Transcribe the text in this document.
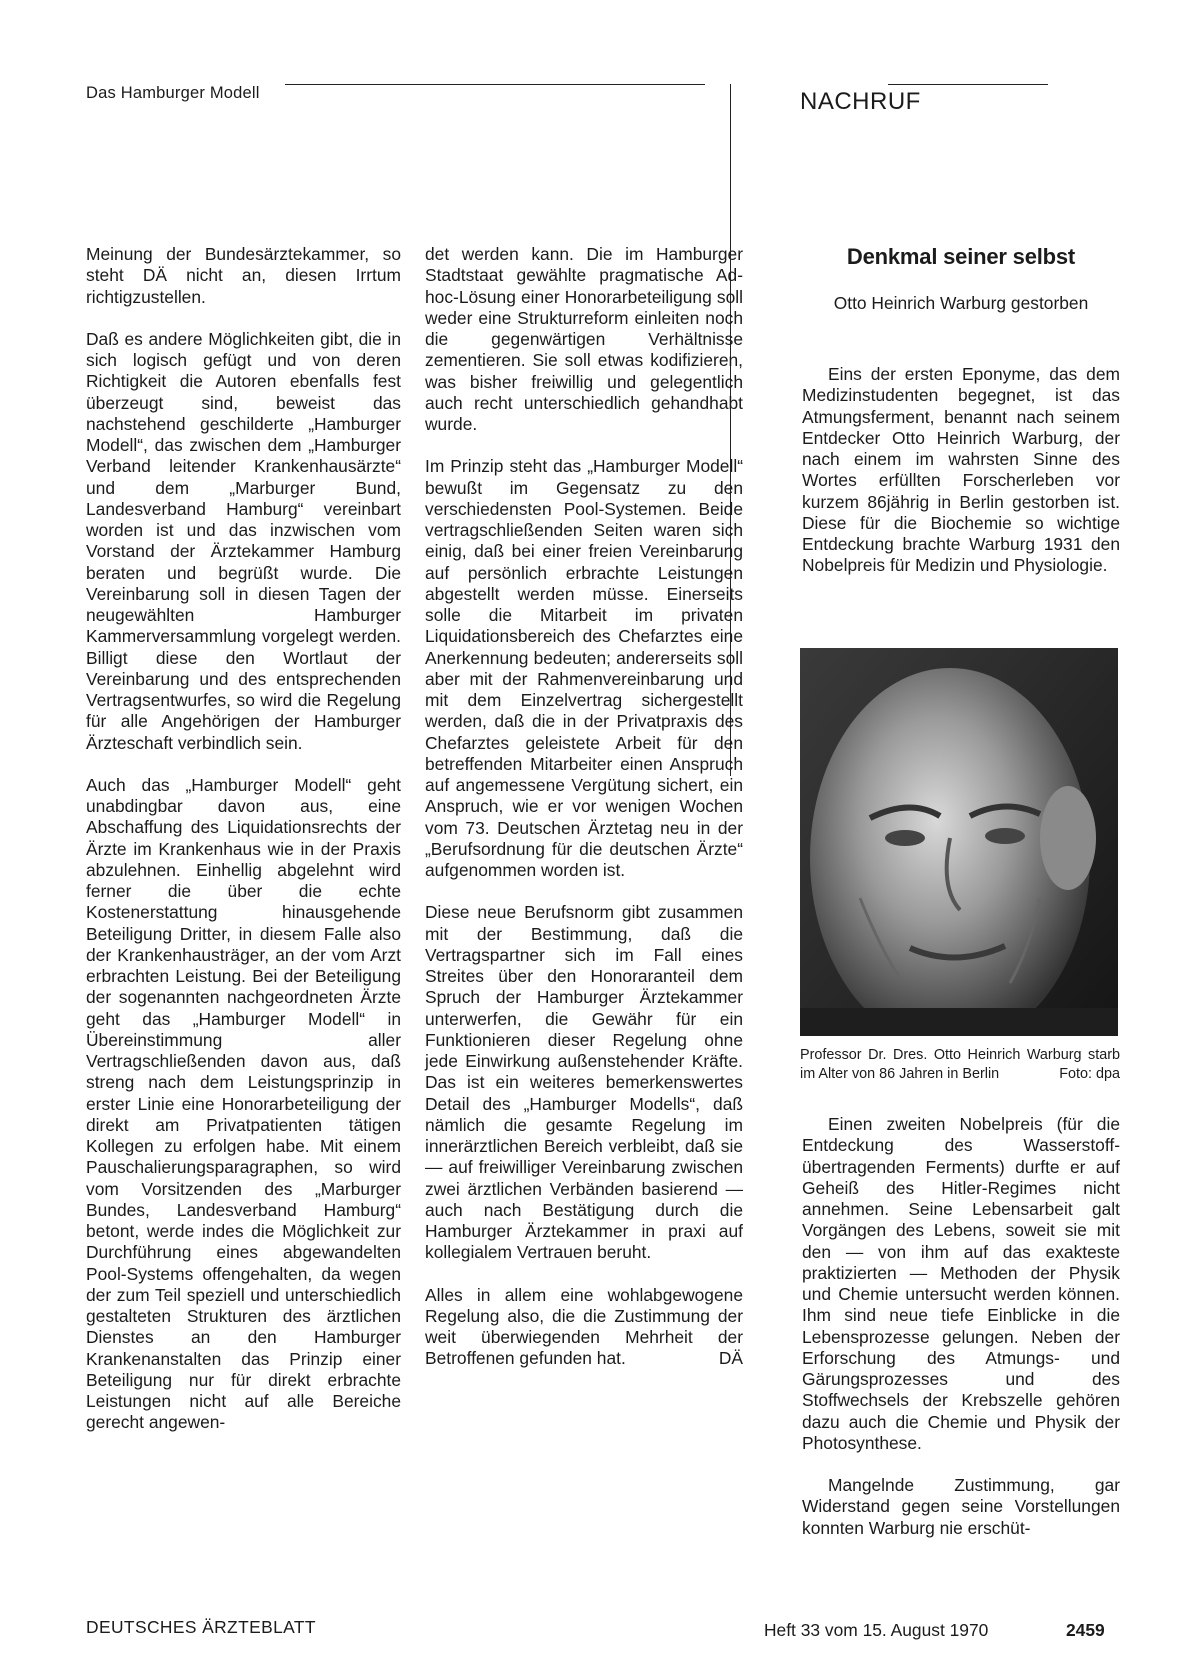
Das Hamburger Modell	NACHRUF

Meinung der Bundesärztekammer, so steht DÄ nicht an, diesen Irrtum richtigzustellen.

Daß es andere Möglichkeiten gibt, die in sich logisch gefügt und von deren Richtigkeit die Autoren ebenfalls fest überzeugt sind, beweist das nachstehend geschilderte „Hamburger Modell“, das zwischen dem „Hamburger Verband leitender Krankenhausärzte“ und dem „Marburger Bund, Landesverband Hamburg“ vereinbart worden ist und das inzwischen vom Vorstand der Ärztekammer Hamburg beraten und begrüßt wurde. Die Vereinbarung soll in diesen Tagen der neugewählten Hamburger Kammerversammlung vorgelegt werden. Billigt diese den Wortlaut der Vereinbarung und des entsprechenden Vertragsentwurfes, so wird die Regelung für alle Angehörigen der Hamburger Ärzteschaft verbindlich sein.

Auch das „Hamburger Modell“ geht unabdingbar davon aus, eine Abschaffung des Liquidationsrechts der Ärzte im Krankenhaus wie in der Praxis abzulehnen. Einhellig abgelehnt wird ferner die über die echte Kostenerstattung hinausgehende Beteiligung Dritter, in diesem Falle also der Krankenhausträger, an der vom Arzt erbrachten Leistung. Bei der Beteiligung der sogenannten nachgeordneten Ärzte geht das „Hamburger Modell“ in Übereinstimmung aller Vertragschließenden davon aus, daß streng nach dem Leistungsprinzip in erster Linie eine Honorarbeteiligung der direkt am Privatpatienten tätigen Kollegen zu erfolgen habe. Mit einem Pauschalierungsparagraphen, so wird vom Vorsitzenden des „Marburger Bundes, Landesverband Hamburg“ betont, werde indes die Möglichkeit zur Durchführung eines abgewandelten Pool-Systems offengehalten, da wegen der zum Teil speziell und unterschiedlich gestalteten Strukturen des ärztlichen Dienstes an den Hamburger Krankenanstalten das Prinzip einer Beteiligung nur für direkt erbrachte Leistungen nicht auf alle Bereiche gerecht angewen-

det werden kann. Die im Hamburger Stadtstaat gewählte pragmatische Ad-hoc-Lösung einer Honorarbeteiligung soll weder eine Strukturreform einleiten noch die gegenwärtigen Verhältnisse zementieren. Sie soll etwas kodifizieren, was bisher freiwillig und gelegentlich auch recht unterschiedlich gehandhabt wurde.

Im Prinzip steht das „Hamburger Modell“ bewußt im Gegensatz zu den verschiedensten Pool-Systemen. Beide vertragschließenden Seiten waren sich einig, daß bei einer freien Vereinbarung auf persönlich erbrachte Leistungen abgestellt werden müsse. Einerseits solle die Mitarbeit im privaten Liquidationsbereich des Chefarztes eine Anerkennung bedeuten; andererseits soll aber mit der Rahmenvereinbarung und mit dem Einzelvertrag sichergestellt werden, daß die in der Privatpraxis des Chefarztes geleistete Arbeit für den betreffenden Mitarbeiter einen Anspruch auf angemessene Vergütung sichert, ein Anspruch, wie er vor wenigen Wochen vom 73. Deutschen Ärztetag neu in der „Berufsordnung für die deutschen Ärzte“ aufgenommen worden ist.

Diese neue Berufsnorm gibt zusammen mit der Bestimmung, daß die Vertragspartner sich im Fall eines Streites über den Honoraranteil dem Spruch der Hamburger Ärztekammer unterwerfen, die Gewähr für ein Funktionieren dieser Regelung ohne jede Einwirkung außenstehender Kräfte. Das ist ein weiteres bemerkenswertes Detail des „Hamburger Modells“, daß nämlich die gesamte Regelung im innerärztlichen Bereich verbleibt, daß sie — auf freiwilliger Vereinbarung zwischen zwei ärztlichen Verbänden basierend — auch nach Bestätigung durch die Hamburger Ärztekammer in praxi auf kollegialem Vertrauen beruht.

Alles in allem eine wohlabgewogene Regelung also, die die Zustimmung der weit überwiegenden Mehrheit der Betroffenen gefunden hat.	DÄ

Denkmal seiner selbst
Otto Heinrich Warburg gestorben

Eins der ersten Eponyme, das dem Medizinstudenten begegnet, ist das Atmungsferment, benannt nach seinem Entdecker Otto Heinrich Warburg, der nach einem im wahrsten Sinne des Wortes erfüllten Forscherleben vor kurzem 86jährig in Berlin gestorben ist. Diese für die Biochemie so wichtige Entdeckung brachte Warburg 1931 den Nobelpreis für Medizin und Physiologie.

Professor Dr. Dres. Otto Heinrich Warburg starb im Alter von 86 Jahren in Berlin	Foto: dpa

Einen zweiten Nobelpreis (für die Entdeckung des Wasserstoff-übertragenden Ferments) durfte er auf Geheiß des Hitler-Regimes nicht annehmen. Seine Lebensarbeit galt Vorgängen des Lebens, soweit sie mit den — von ihm auf das exakteste praktizierten — Methoden der Physik und Chemie untersucht werden können. Ihm sind neue tiefe Einblicke in die Lebensprozesse gelungen. Neben der Erforschung des Atmungs- und Gärungsprozesses und des Stoffwechsels der Krebszelle gehören dazu auch die Chemie und Physik der Photosynthese.

Mangelnde Zustimmung, gar Widerstand gegen seine Vorstellungen konnten Warburg nie erschüt-

DEUTSCHES ÄRZTEBLATT	Heft 33 vom 15. August 1970	2459
